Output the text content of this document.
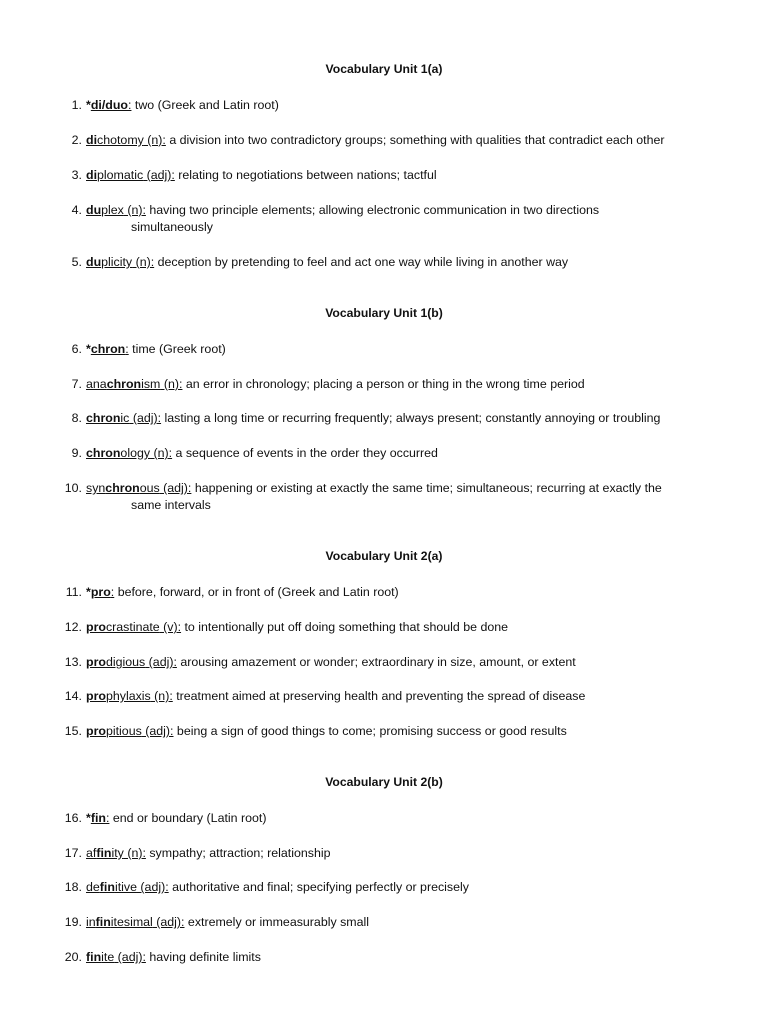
Vocabulary Unit 1(a)
1. *di/duo: two (Greek and Latin root)
2. dichotomy (n): a division into two contradictory groups; something with qualities that contradict each other
3. diplomatic (adj): relating to negotiations between nations; tactful
4. duplex (n): having two principle elements; allowing electronic communication in two directions
simultaneously
5. duplicity (n): deception by pretending to feel and act one way while living in another way
Vocabulary Unit 1(b)
6. *chron: time (Greek root)
7. anachronism (n): an error in chronology; placing a person or thing in the wrong time period
8. chronic (adj): lasting a long time or recurring frequently; always present; constantly annoying or troubling
9. chronology (n): a sequence of events in the order they occurred
10. synchronous (adj): happening or existing at exactly the same time; simultaneous; recurring at exactly the
same intervals
Vocabulary Unit 2(a)
11. *pro: before, forward, or in front of (Greek and Latin root)
12. procrastinate (v): to intentionally put off doing something that should be done
13. prodigious (adj): arousing amazement or wonder; extraordinary in size, amount, or extent
14. prophylaxis (n): treatment aimed at preserving health and preventing the spread of disease
15. propitious (adj): being a sign of good things to come; promising success or good results
Vocabulary Unit 2(b)
16. *fin: end or boundary (Latin root)
17. affinity (n): sympathy; attraction; relationship
18. definitive (adj): authoritative and final; specifying perfectly or precisely
19. infinitesimal (adj): extremely or immeasurably small
20. finite (adj): having definite limits
